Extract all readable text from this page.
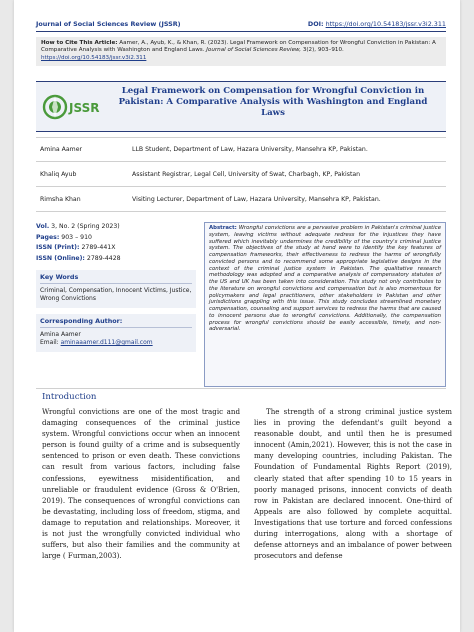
Journal of Social Sciences Review (JSSR)	DOI: https://doi.org/10.54183/jssr.v3i2.311
How to Cite This Article: Aamer, A., Ayub, K., & Khan, R. (2023). Legal Framework on Compensation for Wrongful Conviction in Pakistan: A Comparative Analysis with Washington and England Laws. Journal of Social Sciences Review, 3(2), 903–910. https://doi.org/10.54183/jssr.v3i2.311
JSSR
Legal Framework on Compensation for Wrongful Conviction in Pakistan: A Comparative Analysis with Washington and England Laws
Amina Aamer	LLB Student, Department of Law, Hazara University, Mansehra KP, Pakistan.
Khaliq Ayub	Assistant Registrar, Legal Cell, University of Swat, Charbagh, KP, Pakistan
Rimsha Khan	Visiting Lecturer, Department of Law, Hazara University, Mansehra KP, Pakistan.
Vol. 3, No. 2 (Spring 2023)
Pages: 903 – 910
ISSN (Print): 2789-441X
ISSN (Online): 2789-4428
Key Words
Criminal, Compensation, Innocent Victims, Justice, Wrong Convictions
Corresponding Author:
Amina Aamer
Email: aminaaamer.d111@gmail.com
Abstract: Wrongful convictions are a pervasive problem in Pakistan's criminal justice system, leaving victims without adequate redress for the injustices they have suffered which inevitably undermines the credibility of the country's criminal justice system. The objectives of the study at hand were to identify the key features of compensation frameworks, their effectiveness to redress the harms of wrongfully convicted persons and to recommend some appropriate legislative designs in the context of the criminal justice system in Pakistan. The qualitative research methodology was adopted and a comparative analysis of compensatory statutes of the US and UK has been taken into consideration. This study not only contributes to the literature on wrongful convictions and compensation but is also momentous for policymakers and legal practitioners, other stakeholders in Pakistan and other jurisdictions grappling with this issue. This study concludes streamlined monetary compensation, counseling and support services to redress the harms that are caused to innocent persons due to wrongful convictions. Additionally, the compensation process for wrongful convictions should be easily accessible, timely, and non-adversarial.
Introduction
Wrongful convictions are one of the most tragic and damaging consequences of the criminal justice system. Wrongful convictions occur when an innocent person is found guilty of a crime and is subsequently sentenced to prison or even death. These convictions can result from various factors, including false confessions, eyewitness misidentification, and unreliable or fraudulent evidence (Gross & O'Brien, 2019). The consequences of wrongful convictions can be devastating, including loss of freedom, stigma, and damage to reputation and relationships. Moreover, it is not just the wrongfully convicted individual who suffers, but also their families and the community at large ( Furman,2003).
The strength of a strong criminal justice system lies in proving the defendant's guilt beyond a reasonable doubt, and until then he is presumed innocent (Amin,2021). However, this is not the case in many developing countries, including Pakistan. The Foundation of Fundamental Rights Report (2019), clearly stated that after spending 10 to 15 years in poorly managed prisons, innocent convicts of death row in Pakistan are declared innocent. One-third of Appeals are also followed by complete acquittal. Investigations that use torture and forced confessions during interrogations, along with a shortage of defense attorneys and an imbalance of power between prosecutors and defense
